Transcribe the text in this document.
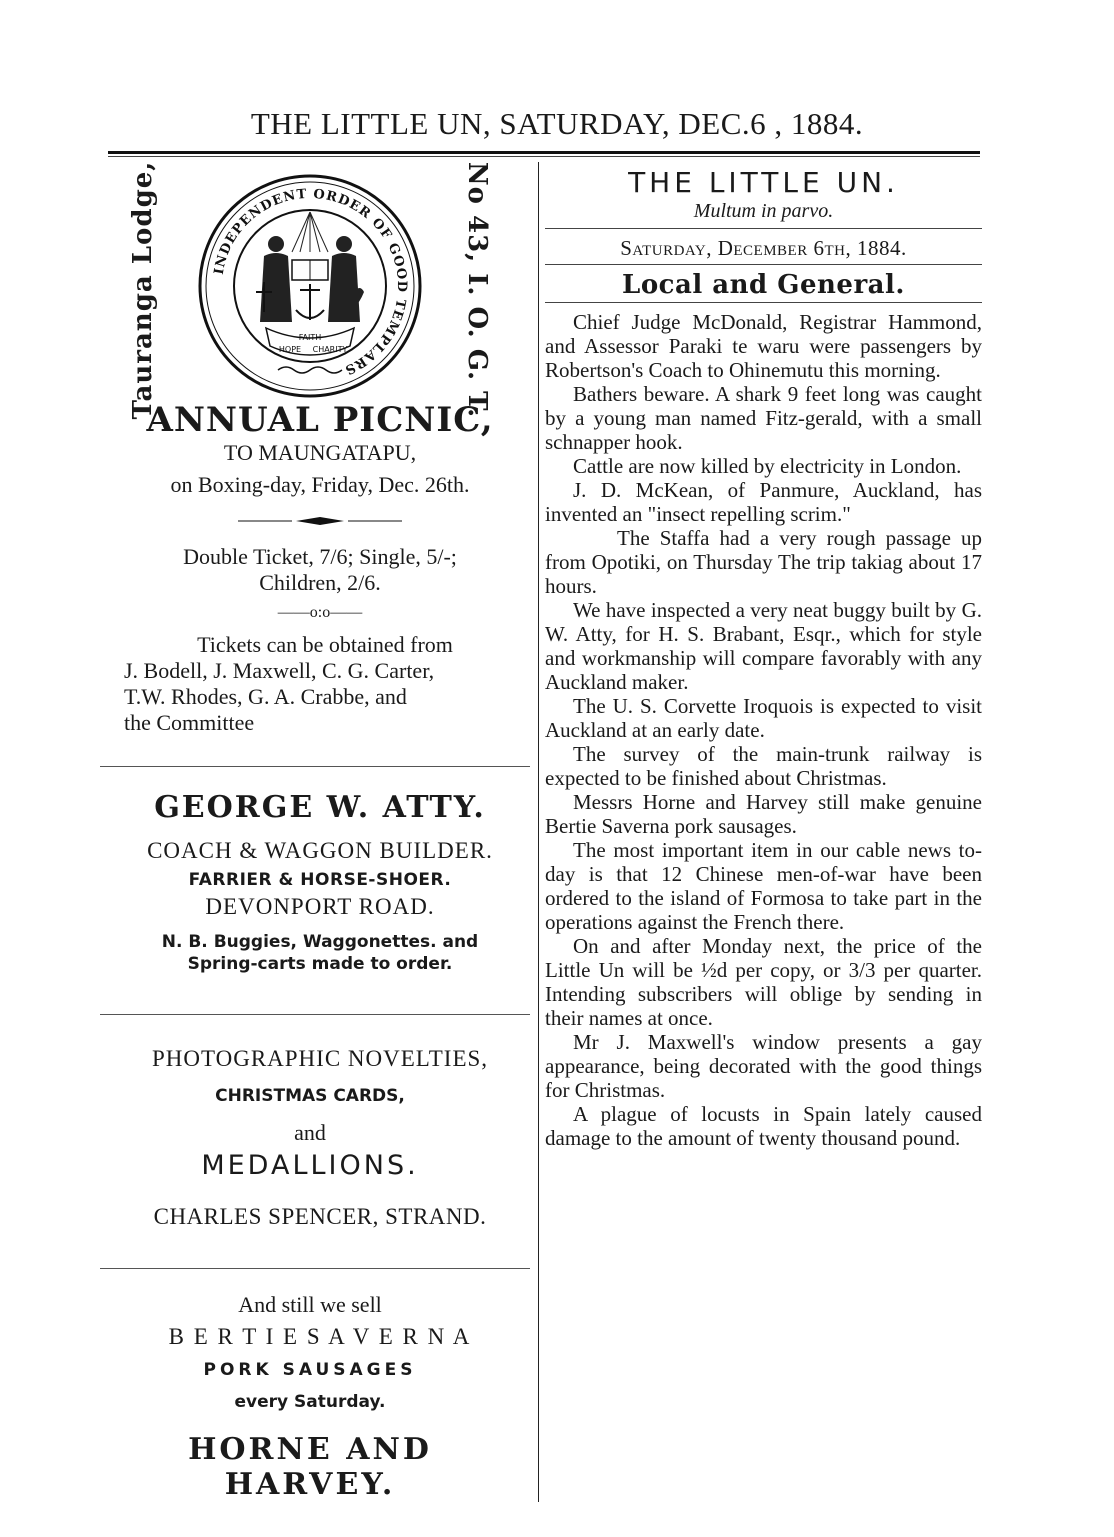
THE LITTLE UN, SATURDAY, DEC.6 , 1884.
Tauranga Lodge,	No 43, I. O. G. T.
INDEPENDENT ORDER OF GOOD TEMPLARS
FAITH
HOPE CHARITY
ANNUAL PICNIC,
TO MAUNGATAPU,
on Boxing-day, Friday, Dec. 26th.
Double Ticket, 7/6; Single, 5/-;
Children, 2/6.
——o:o——
Tickets can be obtained from
J. Bodell, J. Maxwell, C. G. Carter,
T.W. Rhodes, G. A. Crabbe, and
the Committee
GEORGE W. ATTY.
COACH & WAGGON BUILDER.
FARRIER & HORSE-SHOER.
DEVONPORT ROAD.
N. B. Buggies, Waggonettes. and
Spring-carts made to order.
PHOTOGRAPHIC NOVELTIES,
CHRISTMAS CARDS,
and
MEDALLIONS.
CHARLES SPENCER, STRAND.
And still we sell
B E R T I E S A V E R N A
PORK SAUSAGES
every Saturday.
HORNE AND HARVEY.
THE LITTLE UN.
Multum in parvo.
Saturday, December 6th, 1884.
Local and General.

Chief Judge McDonald, Registrar Hammond, and Assessor Paraki te waru were passengers by Robertson's Coach to Ohinemutu this morning.

Bathers beware. A shark 9 feet long was caught by a young man named Fitz-gerald, with a small schnapper hook.

Cattle are now killed by electricity in London.

J. D. McKean, of Panmure, Auckland, has invented an "insect repelling scrim."

The Staffa had a very rough passage up from Opotiki, on Thursday The trip takiag about 17 hours.

We have inspected a very neat buggy built by G. W. Atty, for H. S. Brabant, Esqr., which for style and workmanship will compare favorably with any Auckland maker.

The U. S. Corvette Iroquois is expected to visit Auckland at an early date.

The survey of the main-trunk railway is expected to be finished about Christmas.

Messrs Horne and Harvey still make genuine Bertie Saverna pork sausages.

The most important item in our cable news to-day is that 12 Chinese men-of-war have been ordered to the island of Formosa to take part in the operations against the French there.

On and after Monday next, the price of the Little Un will be ½d per copy, or 3/3 per quarter. Intending subscribers will oblige by sending in their names at once.

Mr J. Maxwell's window presents a gay appearance, being decorated with the good things for Christmas.

A plague of locusts in Spain lately caused damage to the amount of twenty thousand pound.
